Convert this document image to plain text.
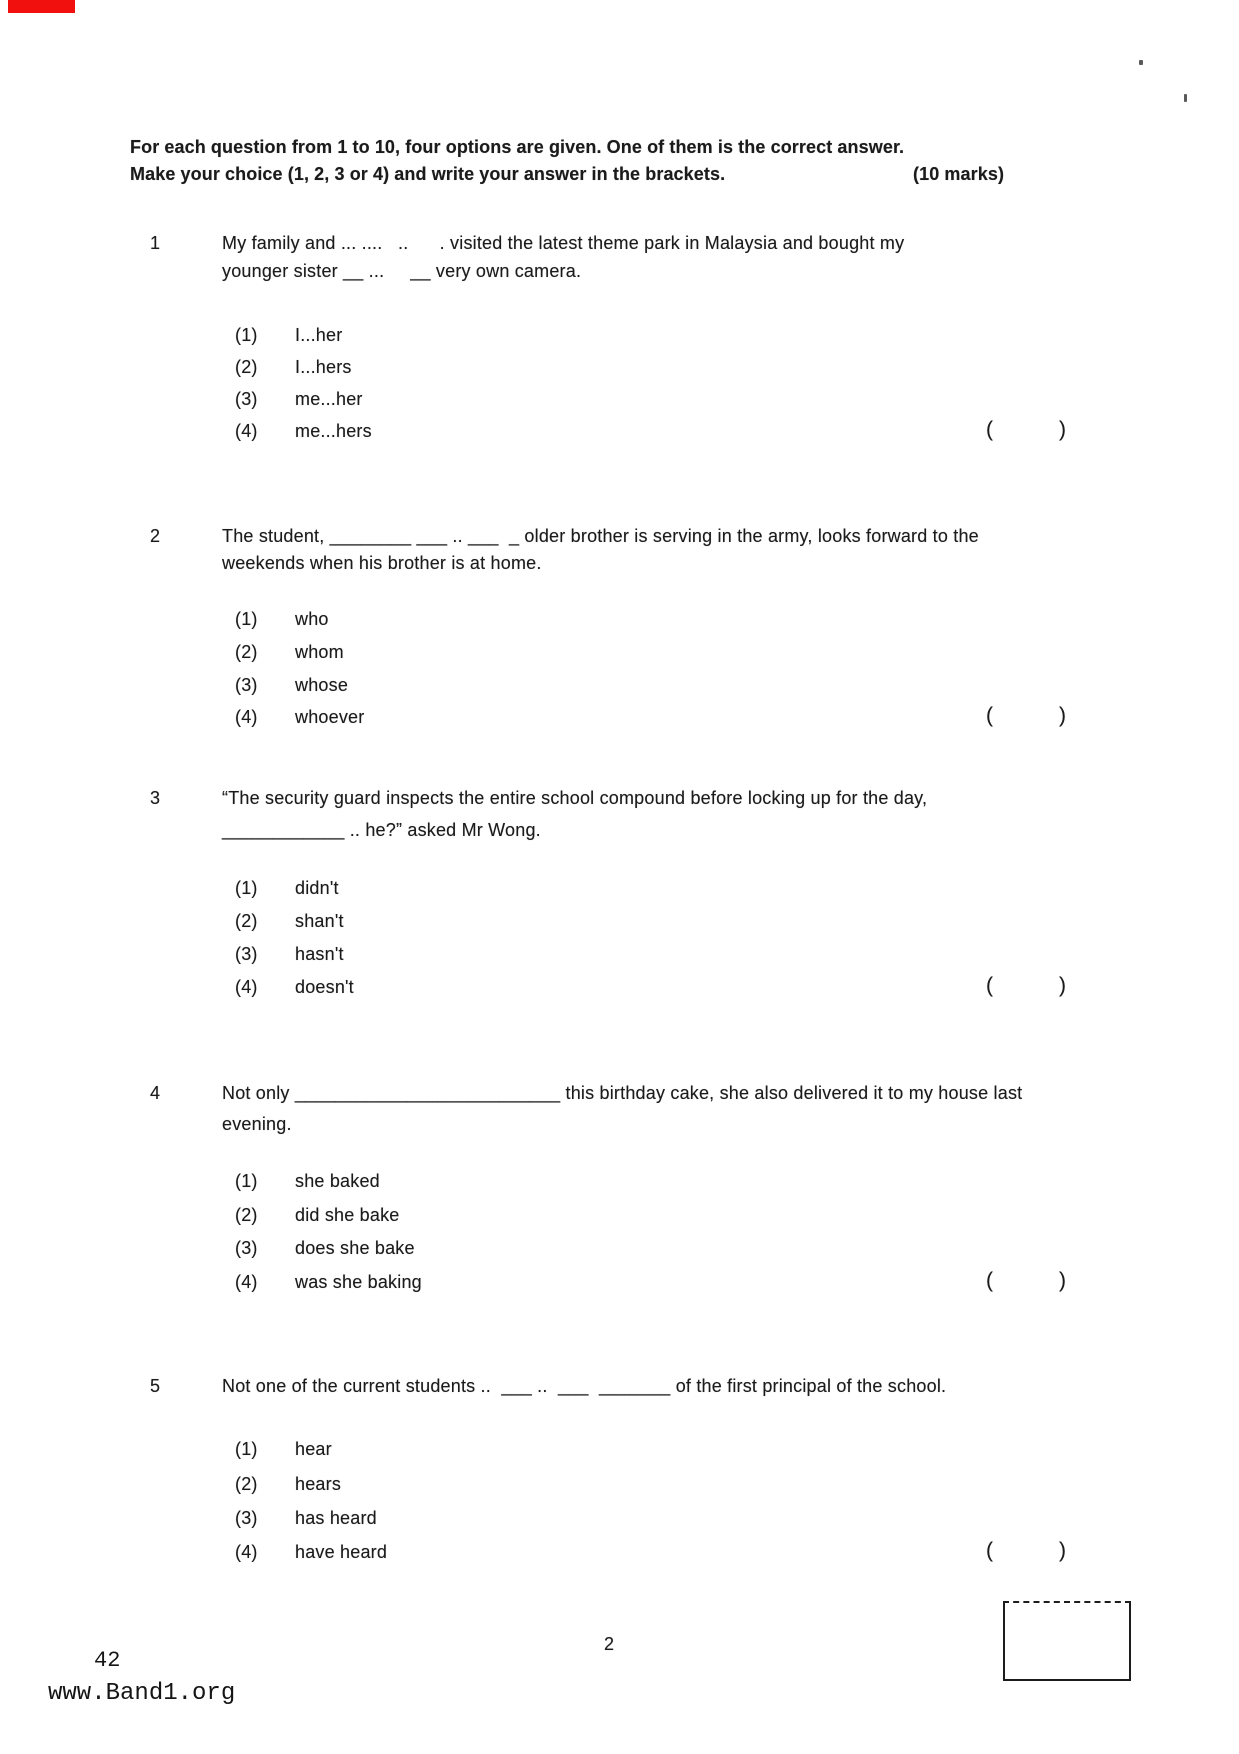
For each question from 1 to 10, four options are given. One of them is the correct answer.
Make your choice (1, 2, 3 or 4) and write your answer in the brackets.	(10 marks)
1	My family and ... ....   ..      . visited the latest theme park in Malaysia and bought my
younger sister __ ...     __ very own camera.
(1) I...her
(2) I...hers
(3) me...her
(4) me...hers	(	)
2	The student, ________ ___ .. ___  _ older brother is serving in the army, looks forward to the
weekends when his brother is at home.
(1) who
(2) whom
(3) whose
(4) whoever	(	)
3	“The security guard inspects the entire school compound before locking up for the day,
____________ .. he?” asked Mr Wong.
(1) didn't
(2) shan't
(3) hasn't
(4) doesn't	(	)
4	Not only __________________________ this birthday cake, she also delivered it to my house last
evening.
(1) she baked
(2) did she bake
(3) does she bake
(4) was she baking	(	)
5	Not one of the current students ..  ___ ..  ___  _______ of the first principal of the school.
(1) hear
(2) hears
(3) has heard
(4) have heard	(	)
2
42
www.Band1.org
